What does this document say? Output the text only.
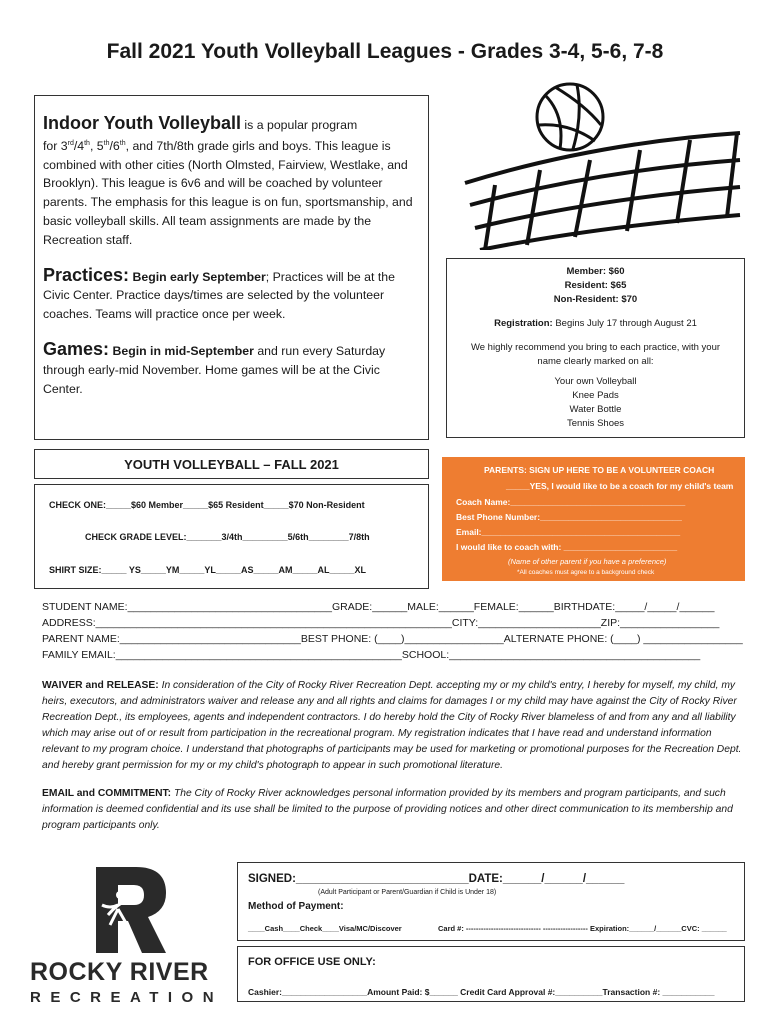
Fall 2021 Youth Volleyball Leagues - Grades 3-4, 5-6, 7-8

Indoor Youth Volleyball is a popular program
for 3rd/4th, 5th/6th, and 7th/8th grade girls and boys. This league is combined with other cities (North Olmsted, Fairview, Westlake, and Brooklyn). This league is 6v6 and will be coached by volunteer parents. The emphasis for this league is on fun, sportsmanship, and basic volleyball skills. All team assignments are made by the Recreation staff.

Practices: Begin early September; Practices will be at the Civic Center. Practice days/times are selected by the volunteer coaches. Teams will practice once per week.

Games: Begin in mid-September and run every Saturday through early-mid November. Home games will be at the Civic Center.

Member: $60
Resident: $65
Non-Resident: $70
Registration: Begins July 17 through August 21
We highly recommend you bring to each practice, with your name clearly marked on all:
Your own Volleyball
Knee Pads
Water Bottle
Tennis Shoes
YOUTH VOLLEYBALL – FALL 2021
CHECK ONE:_____$60 Member_____$65 Resident_____$70 Non-Resident
CHECK GRADE LEVEL:_______3/4th_________5/6th________7/8th
SHIRT SIZE:_____ YS_____YM_____YL_____AS_____AM_____AL_____XL
PARENTS: SIGN UP HERE TO BE A VOLUNTEER COACH
_____YES, I would like to be a coach for my child's team
Coach Name:_____________________________________
Best Phone Number:______________________________
Email:__________________________________________
I would like to coach with: ________________________
(Name of other parent if you have a preference)
*All coaches must agree to a background check
STUDENT NAME:___________________________________GRADE:______MALE:______FEMALE:______BIRTHDATE:_____/_____/______
ADDRESS:_____________________________________________________________CITY:_____________________ZIP:_________________
PARENT NAME:_______________________________BEST PHONE: (____)_________________ALTERNATE PHONE: (____) _________________
FAMILY EMAIL:_________________________________________________SCHOOL:___________________________________________

WAIVER and RELEASE: In consideration of the City of Rocky River Recreation Dept. accepting my or my child's entry, I hereby for myself, my child, my heirs, executors, and administrators waiver and release any and all rights and claims for damages I or my child may have against the City of Rocky River Recreation Dept., its employees, agents and independent contractors. I do hereby hold the City of Rocky River blameless of and from any and all liability which may arise out of or result from participation in the recreational program. My registration indicates that I have read and understand information relevant to my program choice. I understand that photographs of participants may be used for marketing or promotional purposes for the Recreation Dept. and hereby grant permission for my or my child's photograph to appear in such promotional literature.

EMAIL and COMMITMENT: The City of Rocky River acknowledges personal information provided by its members and program participants, and such information is deemed confidential and its use shall be limited to the purpose of providing notices and other direct communication to its membership and program participants only.

ROCKY RIVER
RECREATION
SIGNED:___________________________DATE:______/______/______
(Adult Participant or Parent/Guardian if Child is Under 18)
Method of Payment:
____Cash____Check____Visa/MC/Discover	Card #: ------------------------------ ------------------ Expiration:______/______CVC: ______
FOR OFFICE USE ONLY:
Cashier:__________________Amount Paid: $______ Credit Card Approval #:__________Transaction #: ___________
